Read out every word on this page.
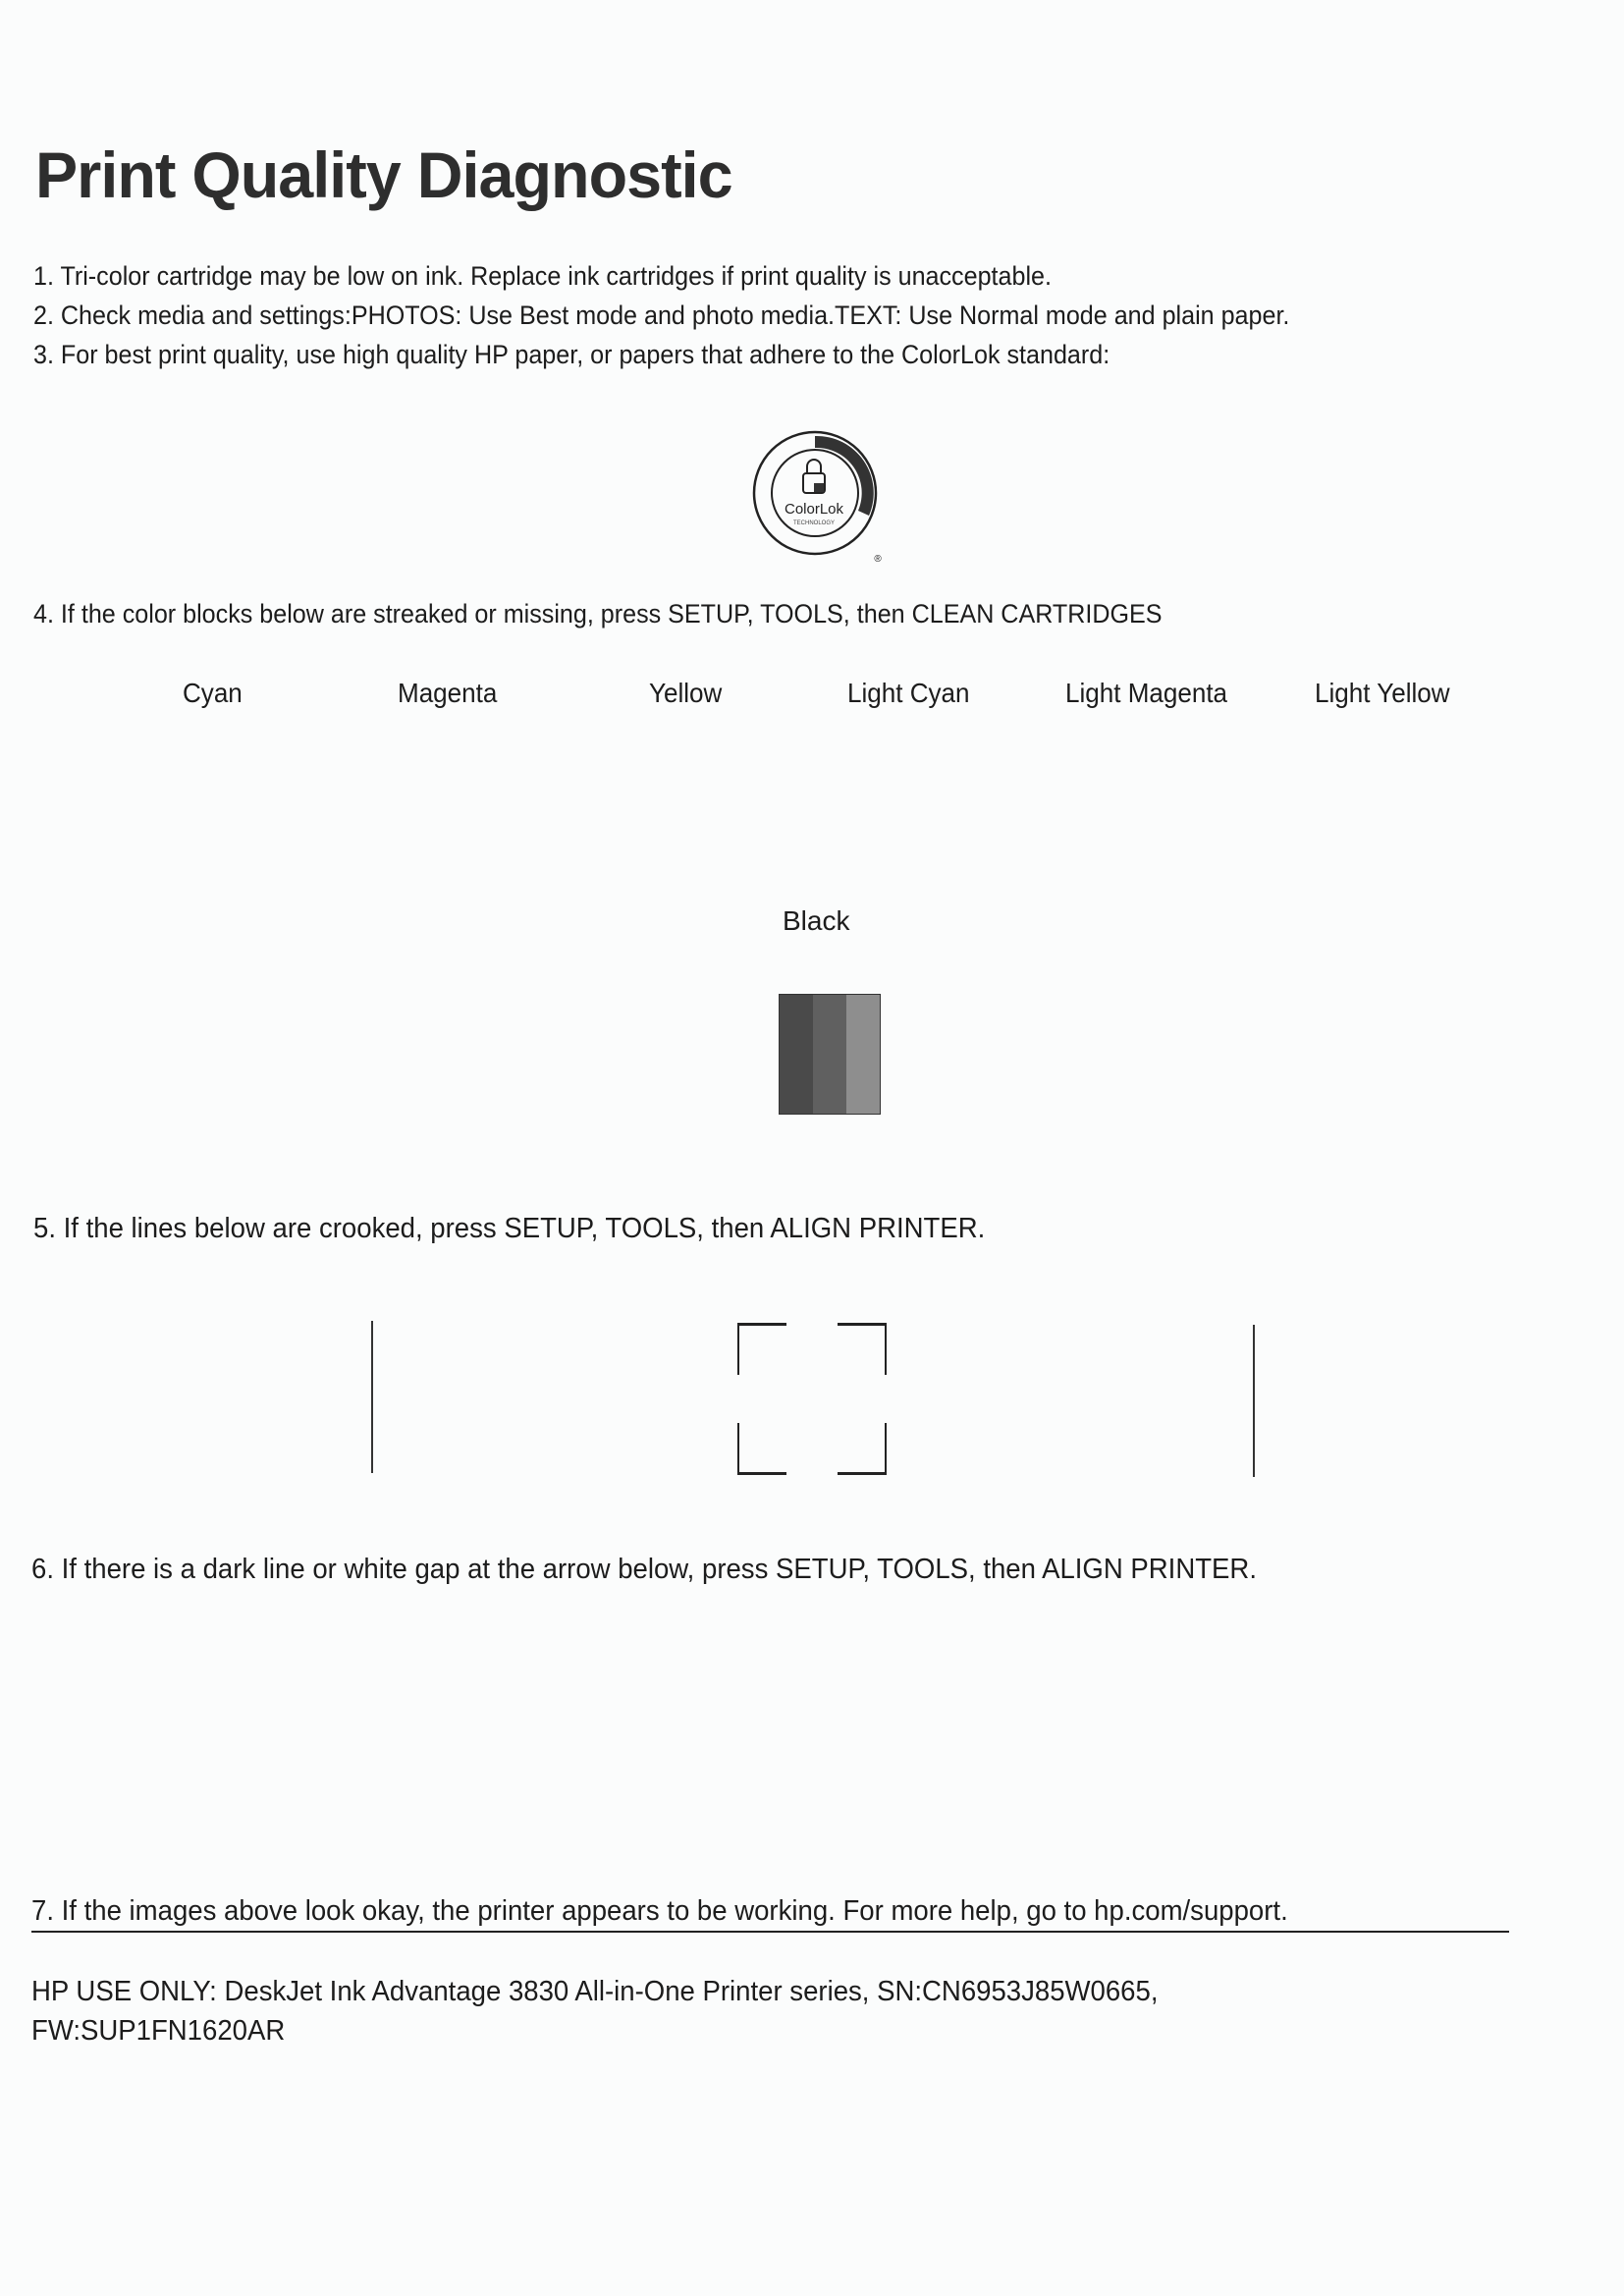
Print Quality Diagnostic
1. Tri-color cartridge may be low on ink. Replace ink cartridges if print quality is unacceptable.
2. Check media and settings:PHOTOS: Use Best mode and photo media.TEXT: Use Normal mode and plain paper.
3. For best print quality, use high quality HP paper, or papers that adhere to the ColorLok standard:
ColorLok
TECHNOLOGY
®
4. If the color blocks below are streaked or missing, press SETUP, TOOLS, then CLEAN CARTRIDGES
Cyan	Magenta	Yellow	Light Cyan	Light Magenta	Light Yellow
Black
5. If the lines below are crooked, press SETUP, TOOLS, then ALIGN PRINTER.
6. If there is a dark line or white gap at the arrow below, press SETUP, TOOLS, then ALIGN PRINTER.
7. If the images above look okay, the printer appears to be working. For more help, go to hp.com/support.
HP USE ONLY: DeskJet Ink Advantage 3830 All-in-One Printer series, SN:CN6953J85W0665,
FW:SUP1FN1620AR
